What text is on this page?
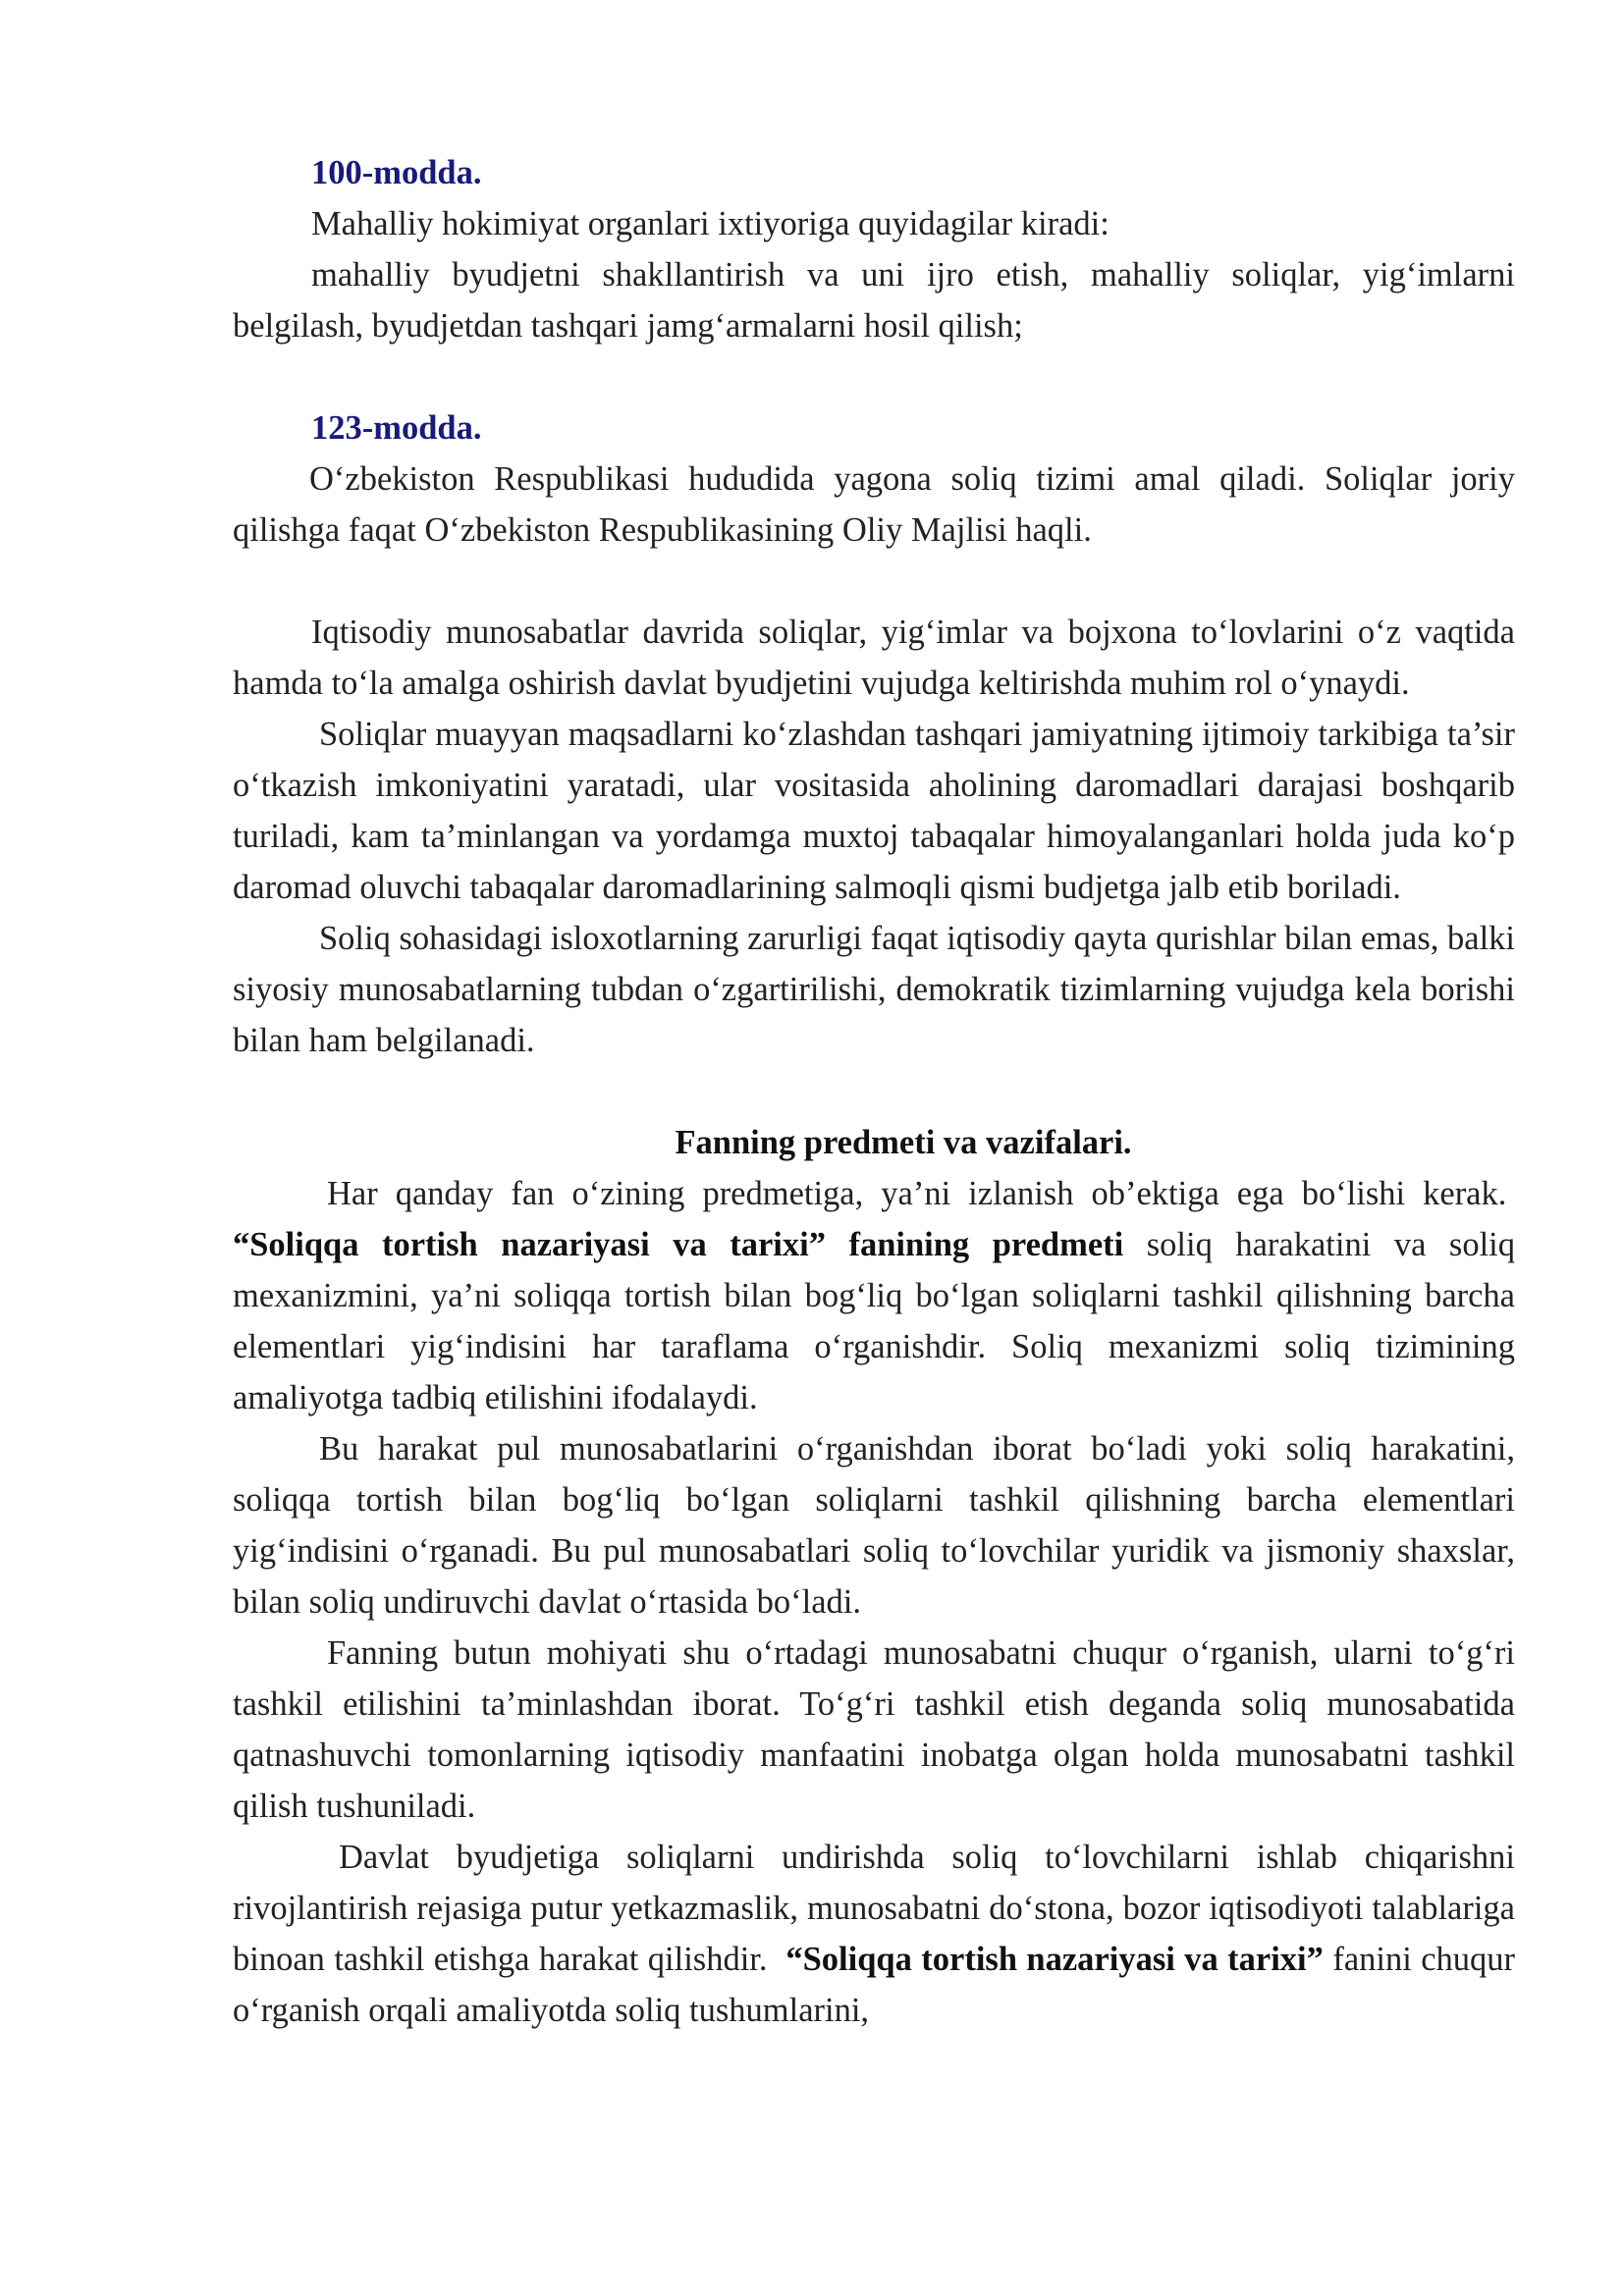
100-modda.

Mahalliy hokimiyat organlari ixtiyoriga quyidagilar kiradi:

mahalliy byudjetni shakllantirish va uni ijro etish, mahalliy soliqlar, yig‘imlarni belgilash, byudjetdan tashqari jamg‘armalarni hosil qilish;

123-modda.

O‘zbekiston Respublikasi hududida yagona soliq tizimi amal qiladi. Soliqlar joriy qilishga faqat O‘zbekiston Respublikasining Oliy Majlisi haqli.

Iqtisodiy munosabatlar davrida soliqlar, yig‘imlar va bojxona to‘lovlarini o‘z vaqtida hamda to‘la amalga oshirish davlat byudjetini vujudga keltirishda muhim rol o‘ynaydi.

Soliqlar muayyan maqsadlarni ko‘zlashdan tashqari jamiyatning ijtimoiy tarkibiga ta’sir o‘tkazish imkoniyatini yaratadi, ular vositasida aholining daromadlari darajasi boshqarib turiladi, kam ta’minlangan va yordamga muxtoj tabaqalar himoyalanganlari holda juda ko‘p daromad oluvchi tabaqalar daromadlarining salmoqli qismi budjetga jalb etib boriladi.

Soliq sohasidagi isloxotlarning zarurligi faqat iqtisodiy qayta qurishlar bilan emas, balki siyosiy munosabatlarning tubdan o‘zgartirilishi, demokratik tizimlarning vujudga kela borishi bilan ham belgilanadi.

Fanning predmeti va vazifalari.

Har qanday fan o‘zining predmetiga, ya’ni izlanish ob’ektiga ega bo‘lishi kerak.  “Soliqqa tortish nazariyasi va tarixi” fanining predmeti soliq harakatini va soliq mexanizmini, ya’ni soliqqa tortish bilan bog‘liq bo‘lgan soliqlarni tashkil qilishning barcha elementlari yig‘indisini har taraflama o‘rganishdir. Soliq mexanizmi soliq tizimining amaliyotga tadbiq etilishini ifodalaydi.

Bu harakat pul munosabatlarini o‘rganishdan iborat bo‘ladi yoki soliq harakatini, soliqqa tortish bilan bog‘liq bo‘lgan soliqlarni tashkil qilishning barcha elementlari yig‘indisini o‘rganadi. Bu pul munosabatlari soliq to‘lovchilar yuridik va jismoniy shaxslar, bilan soliq undiruvchi davlat o‘rtasida bo‘ladi.

Fanning butun mohiyati shu o‘rtadagi munosabatni chuqur o‘rganish, ularni to‘g‘ri tashkil etilishini ta’minlashdan iborat. To‘g‘ri tashkil etish deganda soliq munosabatida qatnashuvchi tomonlarning iqtisodiy manfaatini inobatga olgan holda munosabatni tashkil qilish tushuniladi.

Davlat byudjetiga soliqlarni undirishda soliq to‘lovchilarni ishlab chiqarishni rivojlantirish rejasiga putur yetkazmaslik, munosabatni do‘stona, bozor iqtisodiyoti talablariga binoan tashkil etishga harakat qilishdir. “Soliqqa tortish nazariyasi va tarixi” fanini chuqur o‘rganish orqali amaliyotda soliq tushumlarini,
